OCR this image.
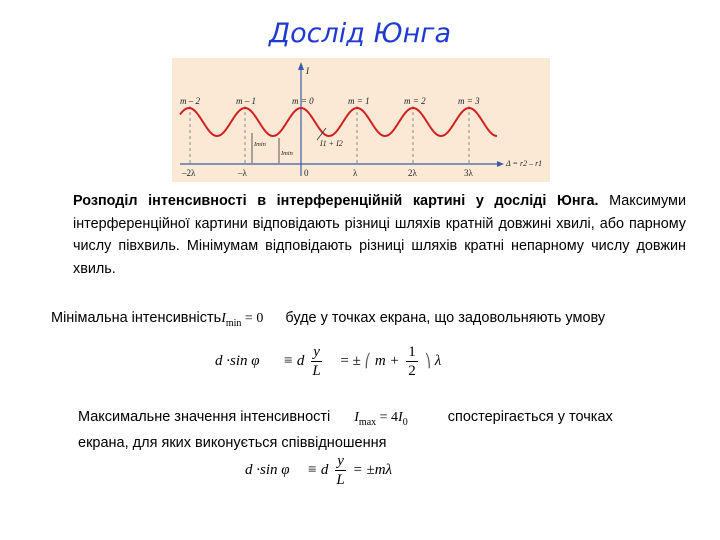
Дослід Юнга
m – 2	m – 1	m = 0	m = 1	m = 2	m = 3
I
Imin
Imin
I1 + I2
–2λ	–λ	0	λ	2λ	3λ
Δ = r2 – r1
Розподіл інтенсивності в інтерференційній картині у досліді Юнга. Максимуми інтерференційної картини відповідають різниці шляхів кратній довжині хвилі, або парному числу півхвиль. Мінімумам відповідають різниці шляхів кратні непарному числу довжин хвиль.
Мінімальна інтенсивністьI$_{min}$ = 0 буде у точках екрана, що задовольняють умову
d ·sin φ ≡ d $\frac{y}{L}$ = ± ⎛ $m + \frac{1}{2}$ ⎞ λ
Максимальне значення інтенсивності $I_{max} = 4I_0$	спостерігається у точках
екрана, для яких виконується співвідношення
d ·sin φ ≡ d $\frac{y}{L} = \pm m\lambda$
